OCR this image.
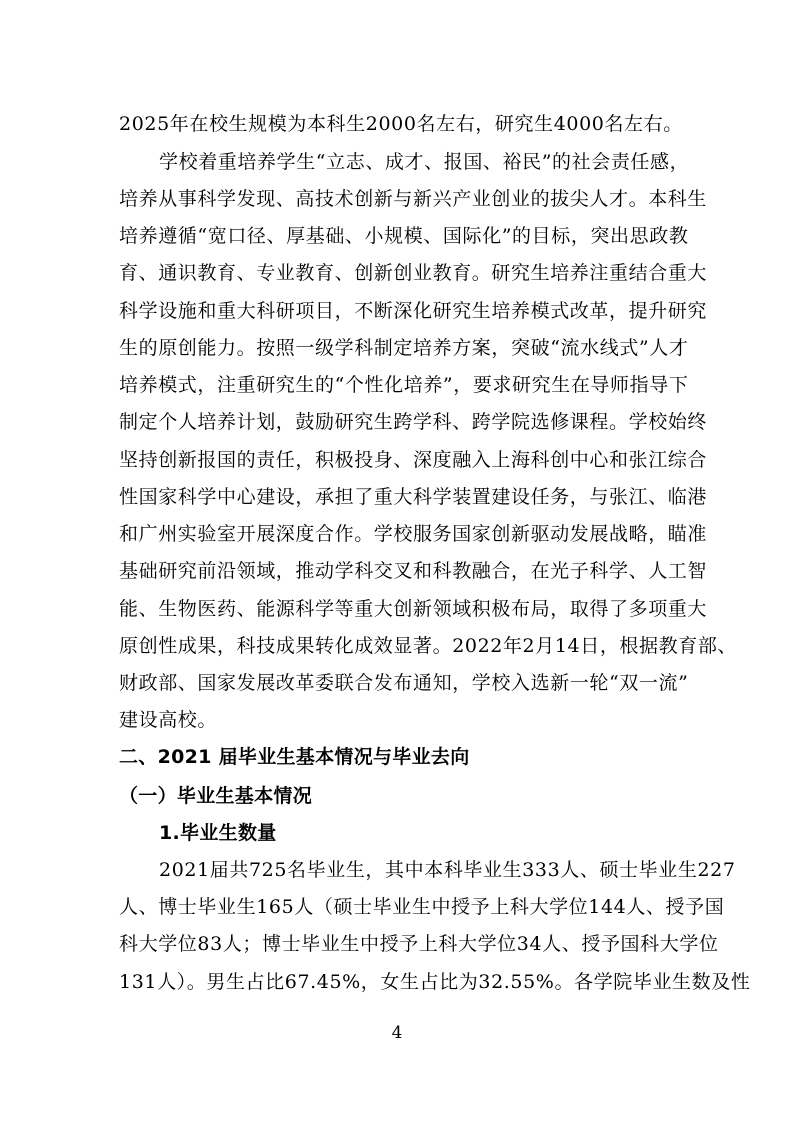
2025年在校生规模为本科生2000名左右，研究生4000名左右。
学校着重培养学生“立志、成才、报国、裕民”的社会责任感，
培养从事科学发现、高技术创新与新兴产业创业的拔尖人才。本科生
培养遵循“宽口径、厚基础、小规模、国际化”的目标，突出思政教
育、通识教育、专业教育、创新创业教育。研究生培养注重结合重大
科学设施和重大科研项目，不断深化研究生培养模式改革，提升研究
生的原创能力。按照一级学科制定培养方案，突破“流水线式”人才
培养模式，注重研究生的“个性化培养”，要求研究生在导师指导下
制定个人培养计划，鼓励研究生跨学科、跨学院选修课程。学校始终
坚持创新报国的责任，积极投身、深度融入上海科创中心和张江综合
性国家科学中心建设，承担了重大科学装置建设任务，与张江、临港
和广州实验室开展深度合作。学校服务国家创新驱动发展战略，瞄准
基础研究前沿领域，推动学科交叉和科教融合，在光子科学、人工智
能、生物医药、能源科学等重大创新领域积极布局，取得了多项重大
原创性成果，科技成果转化成效显著。2022年2月14日，根据教育部、
财政部、国家发展改革委联合发布通知，学校入选新一轮“双一流”
建设高校。
二、2021 届毕业生基本情况与毕业去向
（一）毕业生基本情况
1.毕业生数量
2021届共725名毕业生，其中本科毕业生333人、硕士毕业生227
人、博士毕业生165人（硕士毕业生中授予上科大学位144人、授予国
科大学位83人；博士毕业生中授予上科大学位34人、授予国科大学位
131人）。男生占比67.45%，女生占比为32.55%。各学院毕业生数及性
4
